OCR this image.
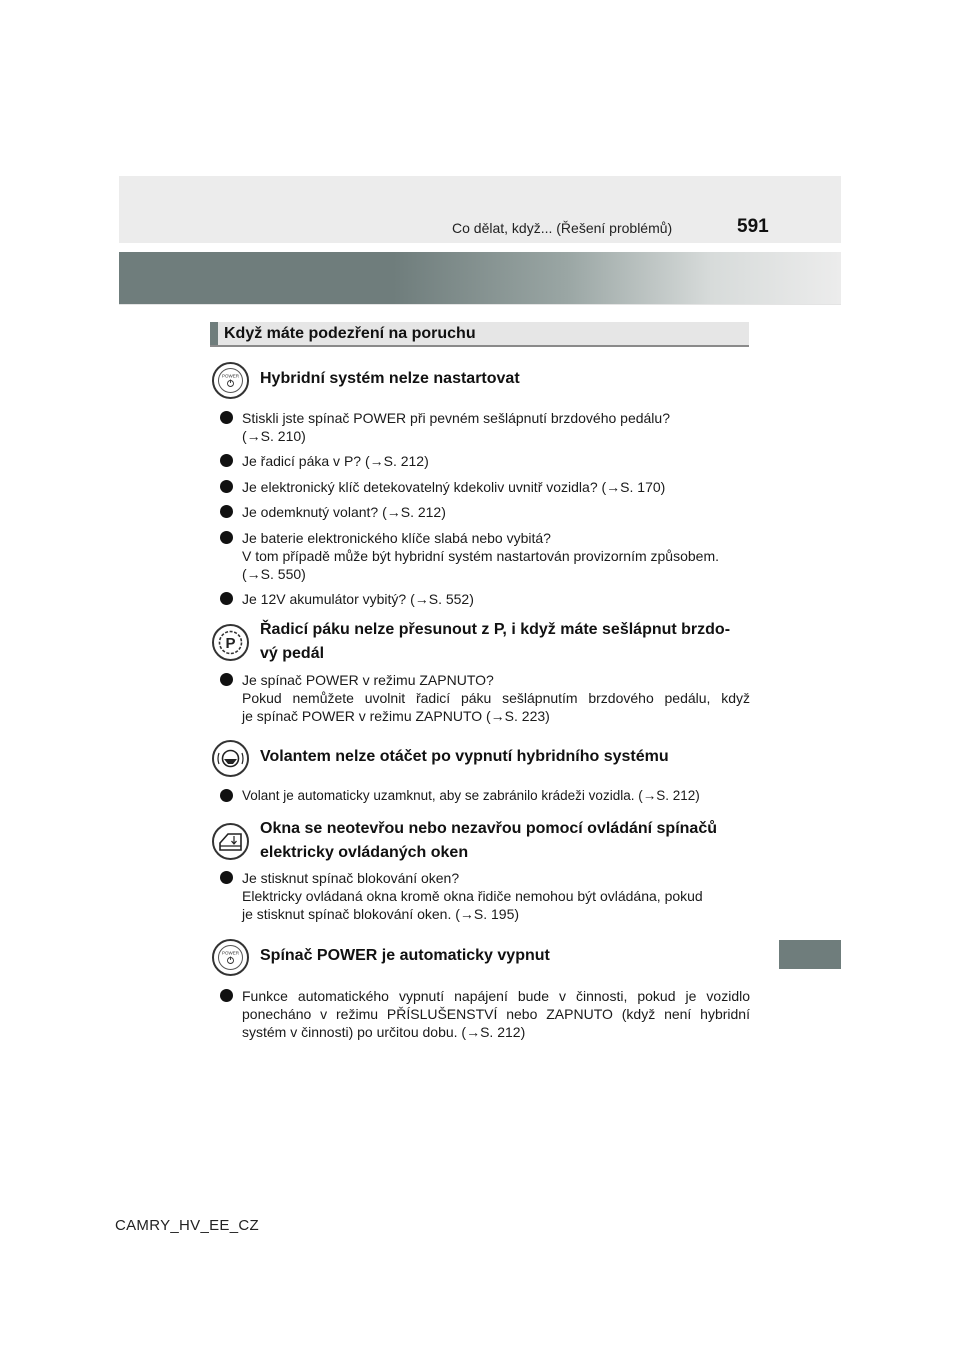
Co dělat, když... (Řešení problémů)	591
Když máte podezření na poruchu
POWER Hybridní systém nelze nastartovat
Stiskli jste spínač POWER při pevném sešlápnutí brzdového pedálu?
(→S. 210)
Je řadicí páka v P? (→S. 212)
Je elektronický klíč detekovatelný kdekoliv uvnitř vozidla? (→S. 170)
Je odemknutý volant? (→S. 212)
Je baterie elektronického klíče slabá nebo vybitá?
V tom případě může být hybridní systém nastartován provizorním způsobem.
(→S. 550)
Je 12V akumulátor vybitý? (→S. 552)
P
Řadicí páku nelze přesunout z P, i když máte sešlápnut brzdo-
vý pedál
Je spínač POWER v režimu ZAPNUTO?
Pokud nemůžete uvolnit řadicí páku sešlápnutím brzdového pedálu, když
je spínač POWER v režimu ZAPNUTO (→S. 223)
Volantem nelze otáčet po vypnutí hybridního systému
Volant je automaticky uzamknut, aby se zabránilo krádeži vozidla. (→S. 212)
Okna se neotevřou nebo nezavřou pomocí ovládání spínačů
elektricky ovládaných oken
Je stisknut spínač blokování oken?
Elektricky ovládaná okna kromě okna řidiče nemohou být ovládána, pokud
je stisknut spínač blokování oken. (→S. 195)
POWER Spínač POWER je automaticky vypnut
Funkce automatického vypnutí napájení bude v činnosti, pokud je vozidlo
ponecháno v režimu PŘÍSLUŠENSTVÍ nebo ZAPNUTO (když není hybridní
systém v činnosti) po určitou dobu. (→S. 212)
CAMRY_HV_EE_CZ
